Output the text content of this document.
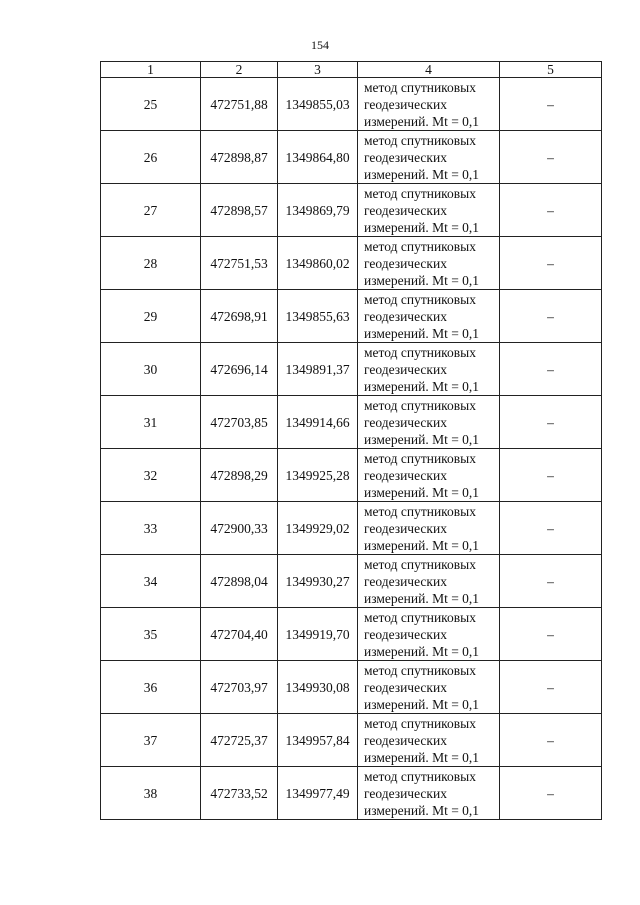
154
1	2	3	4	5
25	472751,88	1349855,03	метод спутниковых
геодезических
измерений. Mt = 0,1	–
26	472898,87	1349864,80	метод спутниковых
геодезических
измерений. Mt = 0,1	–
27	472898,57	1349869,79	метод спутниковых
геодезических
измерений. Mt = 0,1	–
28	472751,53	1349860,02	метод спутниковых
геодезических
измерений. Mt = 0,1	–
29	472698,91	1349855,63	метод спутниковых
геодезических
измерений. Mt = 0,1	–
30	472696,14	1349891,37	метод спутниковых
геодезических
измерений. Mt = 0,1	–
31	472703,85	1349914,66	метод спутниковых
геодезических
измерений. Mt = 0,1	–
32	472898,29	1349925,28	метод спутниковых
геодезических
измерений. Mt = 0,1	–
33	472900,33	1349929,02	метод спутниковых
геодезических
измерений. Mt = 0,1	–
34	472898,04	1349930,27	метод спутниковых
геодезических
измерений. Mt = 0,1	–
35	472704,40	1349919,70	метод спутниковых
геодезических
измерений. Mt = 0,1	–
36	472703,97	1349930,08	метод спутниковых
геодезических
измерений. Mt = 0,1	–
37	472725,37	1349957,84	метод спутниковых
геодезических
измерений. Mt = 0,1	–
38	472733,52	1349977,49	метод спутниковых
геодезических
измерений. Mt = 0,1	–
